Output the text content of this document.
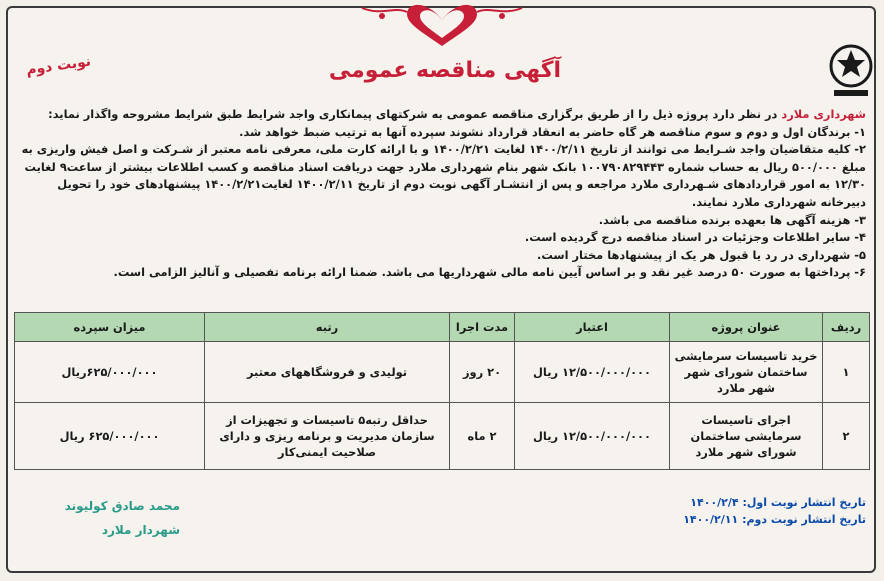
آگهی مناقصه عمومی
نوبت دوم

شهرداری ملارد در نظر دارد پروژه ذیل را از طریق برگزاری مناقصه عمومی به شرکتهای پیمانکاری واجد شرایط طبق شرایط مشروحه واگذار نماید:

۱- برندگان اول و دوم و سوم مناقصه هر گاه حاضر به انعقاد قرارداد نشوند سپرده آنها به ترتیب ضبط خواهد شد.

۲- کلیه متقاضیان واجد شـرایط می توانند از تاریخ ۱۴۰۰/۲/۱۱ لغایت ۱۴۰۰/۲/۲۱ و با ارائه کارت ملی، معرفی نامه معتبر از شـرکت و اصل فیش واریزی به مبلغ ۵۰۰/۰۰۰ ریال به حساب شماره ۱۰۰۷۹۰۸۲۹۴۴۳ بانک شهر بنام شهرداری ملارد جهت دریافت اسناد مناقصه و کسب اطلاعات بیشتر از ساعت۹ لغایت ۱۲/۳۰ به امور قراردادهای شـهرداری ملارد مراجعه و پس از انتشـار آگهی نوبت دوم از تاریخ ۱۴۰۰/۲/۱۱ لغایت۱۴۰۰/۲/۲۱ پیشنهادهای خود را تحویل دبیرخانه شهرداری ملارد نمایند.

۳- هزینه آگهی ها بعهده برنده مناقصه می باشد.

۴- سایر اطلاعات وجزئیات در اسناد مناقصه درج گردیده است.

۵- شهرداری در رد یا قبول هر یک از پیشنهادها مختار است.

۶- پرداختها به صورت ۵۰ درصد غیر نقد و بر اساس آیین نامه مالی شهرداریها می باشد. ضمنا ارائه برنامه تفصیلی و آنالیز الزامی است.

ردیف	عنوان پروژه	اعتبار	مدت اجرا	رتبه	میزان سپرده
۱	خرید تاسیسات سرمایشی ساختمان شورای شهر شهر ملارد	۱۲/۵۰۰/۰۰۰/۰۰۰ ریال	۲۰ روز	تولیدی و فروشگاههای معتبر	۶۲۵/۰۰۰/۰۰۰ریال
۲	اجرای تاسیسات سرمایشی ساختمان شورای شهر ملارد	۱۲/۵۰۰/۰۰۰/۰۰۰ ریال	۲ ماه	حداقل رتبه۵ تاسیسات و تجهیزات از سازمان مدیریت و برنامه ریزی و دارای صلاحیت ایمنی‌کار	۶۲۵/۰۰۰/۰۰۰ ریال
تاریخ انتشار نوبت اول: ۱۴۰۰/۲/۴
تاریخ انتشار نوبت دوم: ۱۴۰۰/۲/۱۱
محمد صادق کولیوند
شهردار ملارد
